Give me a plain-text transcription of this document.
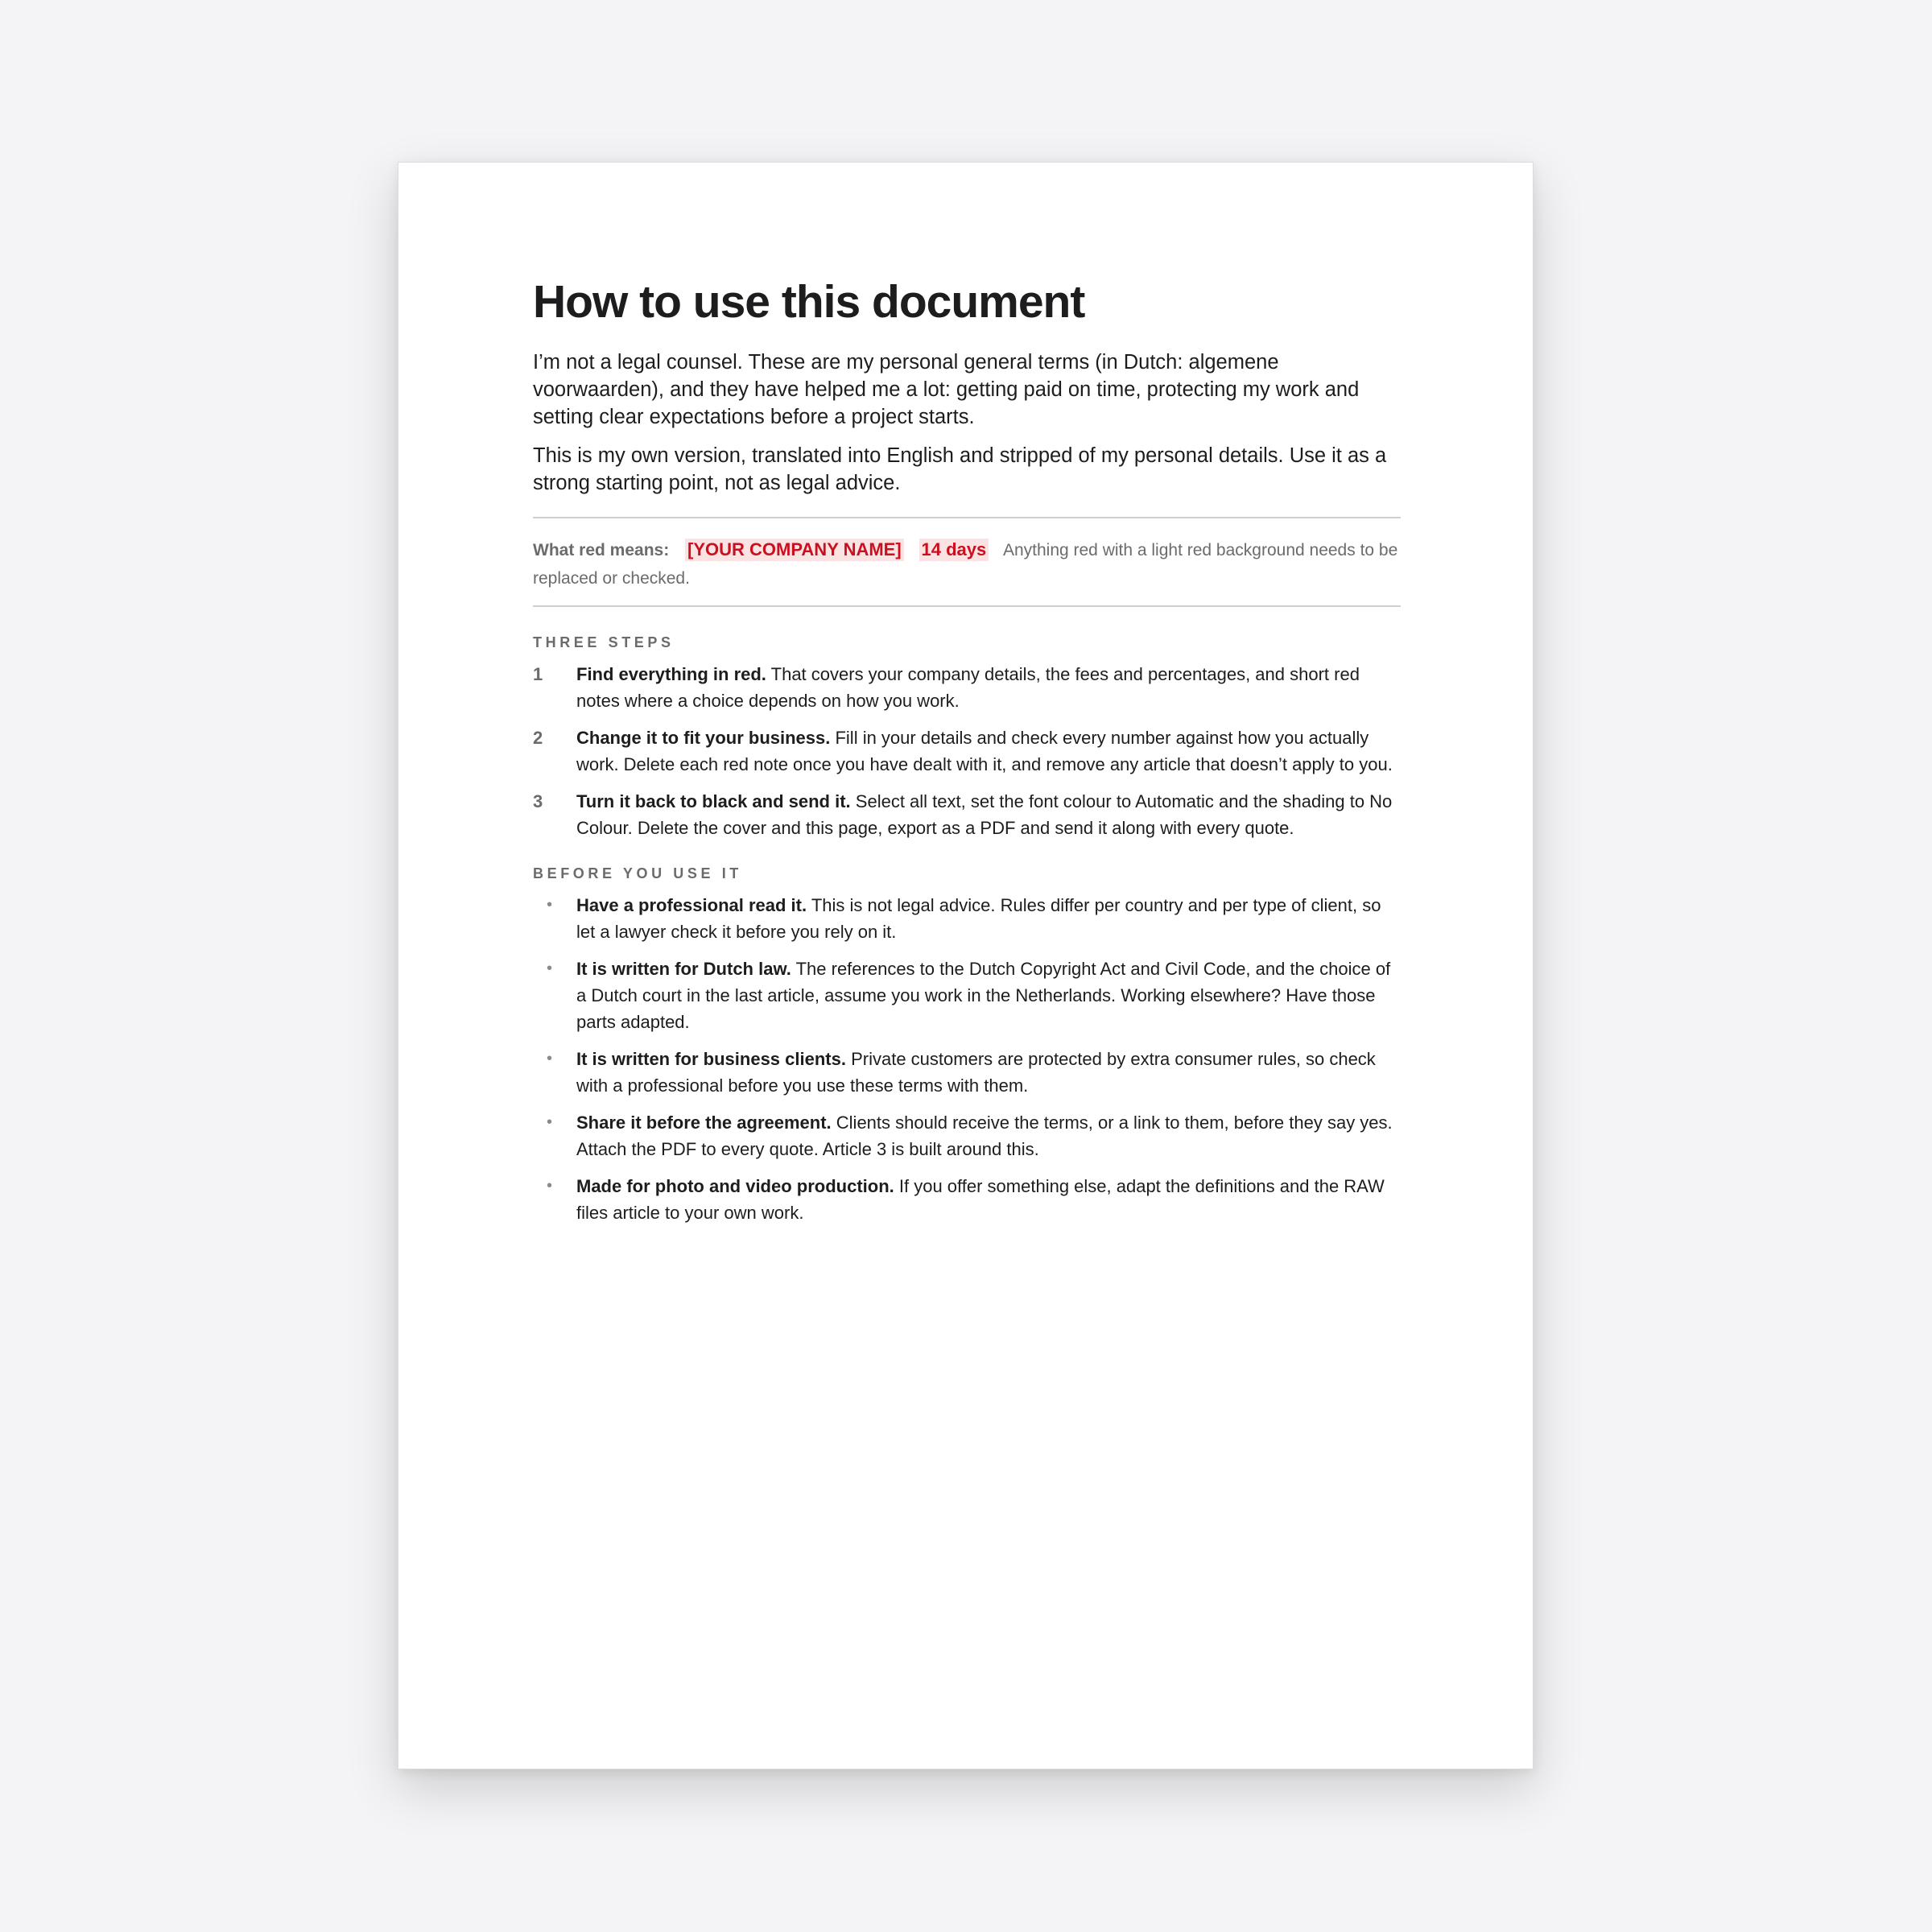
How to use this document

I’m not a legal counsel. These are my personal general terms (in Dutch: algemene voorwaarden), and they have helped me a lot: getting paid on time, protecting my work and setting clear expectations before a project starts.

This is my own version, translated into English and stripped of my personal details. Use it as a strong starting point, not as legal advice.

What red means: [YOUR COMPANY NAME] 14 days Anything red with a light red background needs to be replaced or checked.
THREE STEPS
1	Find everything in red. That covers your company details, the fees and percentages, and short red notes where a choice depends on how you work.
2	Change it to fit your business. Fill in your details and check every number against how you actually work. Delete each red note once you have dealt with it, and remove any article that doesn’t apply to you.
3	Turn it back to black and send it. Select all text, set the font colour to Automatic and the shading to No Colour. Delete the cover and this page, export as a PDF and send it along with every quote.
BEFORE YOU USE IT
•	Have a professional read it. This is not legal advice. Rules differ per country and per type of client, so let a lawyer check it before you rely on it.
•	It is written for Dutch law. The references to the Dutch Copyright Act and Civil Code, and the choice of a Dutch court in the last article, assume you work in the Netherlands. Working elsewhere? Have those parts adapted.
•	It is written for business clients. Private customers are protected by extra consumer rules, so check with a professional before you use these terms with them.
•	Share it before the agreement. Clients should receive the terms, or a link to them, before they say yes. Attach the PDF to every quote. Article 3 is built around this.
•	Made for photo and video production. If you offer something else, adapt the definitions and the RAW files article to your own work.
